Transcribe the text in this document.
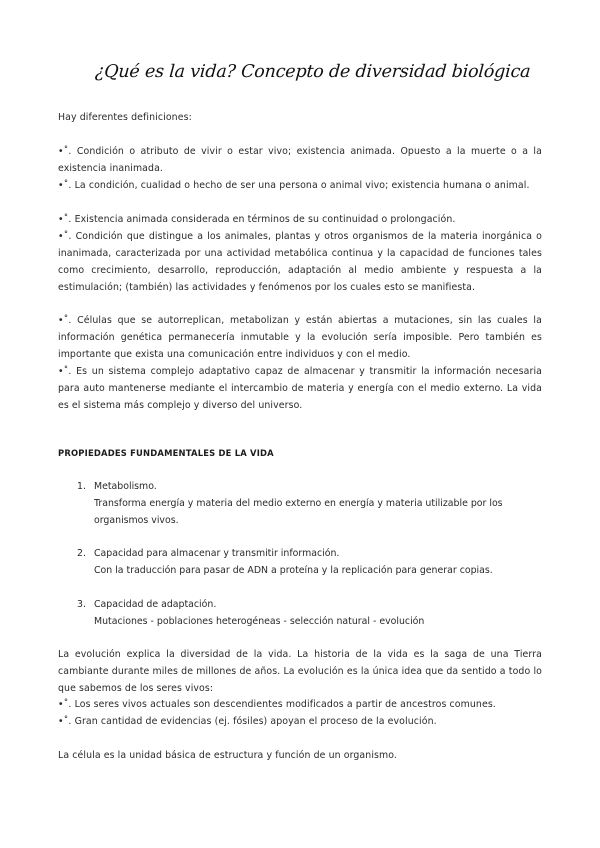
¿Qué es la vida? Concepto de diversidad biológica
Hay diferentes definiciones:
•˚. Condición o atributo de vivir o estar vivo; existencia animada. Opuesto a la muerte o a la existencia inanimada.
•˚. La condición, cualidad o hecho de ser una persona o animal vivo; existencia humana o animal.
•˚. Existencia animada considerada en términos de su continuidad o prolongación.
•˚. Condición que distingue a los animales, plantas y otros organismos de la materia inorgánica o inanimada, caracterizada por una actividad metabólica continua y la capacidad de funciones tales como crecimiento, desarrollo, reproducción, adaptación al medio ambiente y respuesta a la estimulación; (también) las actividades y fenómenos por los cuales esto se manifiesta.
•˚. Células que se autorreplican, metabolizan y están abiertas a mutaciones, sin las cuales la información genética permanecería inmutable y la evolución sería imposible. Pero también es importante que exista una comunicación entre individuos y con el medio.
•˚. Es un sistema complejo adaptativo capaz de almacenar y transmitir la información necesaria para auto mantenerse mediante el intercambio de materia y energía con el medio externo. La vida es el sistema más complejo y diverso del universo.
PROPIEDADES FUNDAMENTALES DE LA VIDA
1. Metabolismo.
Transforma energía y materia del medio externo en energía y materia utilizable por los organismos vivos.
2. Capacidad para almacenar y transmitir información.
Con la traducción para pasar de ADN a proteína y la replicación para generar copias.
3. Capacidad de adaptación.
Mutaciones - poblaciones heterogéneas - selección natural - evolución
La evolución explica la diversidad de la vida. La historia de la vida es la saga de una Tierra cambiante durante miles de millones de años. La evolución es la única idea que da sentido a todo lo que sabemos de los seres vivos:
•˚. Los seres vivos actuales son descendientes modificados a partir de ancestros comunes.
•˚. Gran cantidad de evidencias (ej. fósiles) apoyan el proceso de la evolución.
La célula es la unidad básica de estructura y función de un organismo.
